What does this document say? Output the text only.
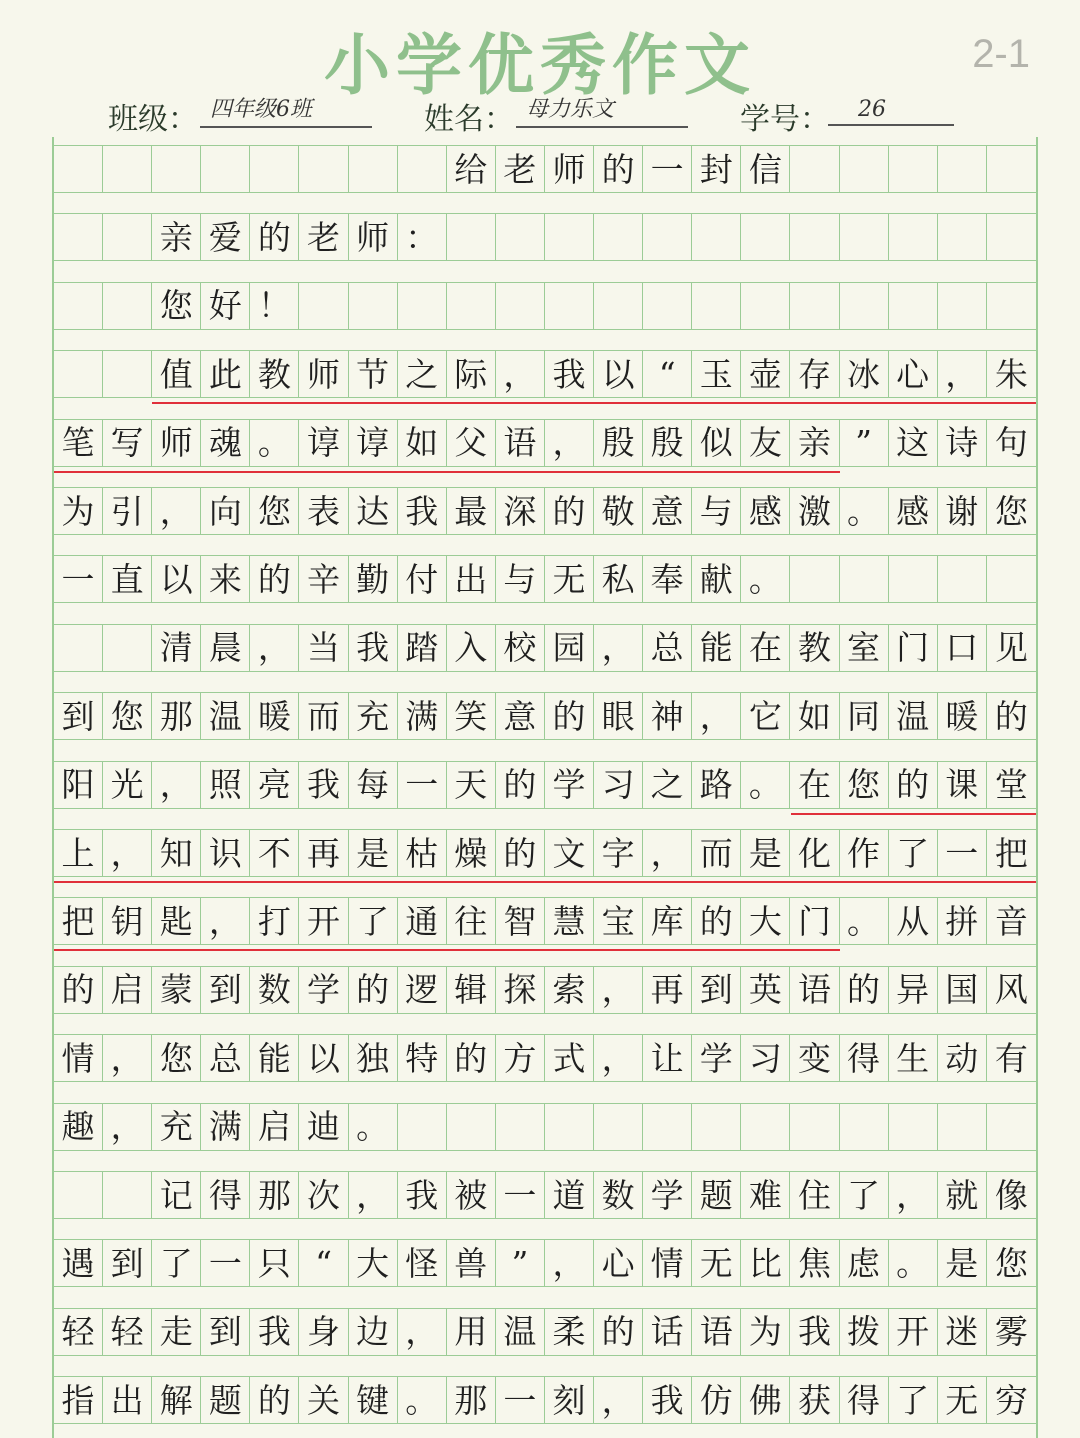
小学优秀作文	2-1
班级： 四年级6班	姓名： 母力乐文	学号：	26
给 老 师 的 一 封 信
亲 爱 的 老 师 ：
您 好 ！
值 此 教 师 节 之 际 ， 我 以 “ 玉 壶 存 冰 心 ， 朱
笔 写 师 魂 。 谆 谆 如 父 语 ， 殷 殷 似 友 亲 ” 这 诗 句
为 引 ， 向 您 表 达 我 最 深 的 敬 意 与 感 激 。 感 谢 您
一 直 以 来 的 辛 勤 付 出 与 无 私 奉 献 。
清 晨 ， 当 我 踏 入 校 园 ， 总 能 在 教 室 门 口 见
到 您 那 温 暖 而 充 满 笑 意 的 眼 神 ， 它 如 同 温 暖 的
阳 光 ， 照 亮 我 每 一 天 的 学 习 之 路 。 在 您 的 课 堂
上 ， 知 识 不 再 是 枯 燥 的 文 字 ， 而 是 化 作 了 一 把
把 钥 匙 ， 打 开 了 通 往 智 慧 宝 库 的 大 门 。 从 拼 音
的 启 蒙 到 数 学 的 逻 辑 探 索 ， 再 到 英 语 的 异 国 风
情 ， 您 总 能 以 独 特 的 方 式 ， 让 学 习 变 得 生 动 有
趣 ， 充 满 启 迪 。
记 得 那 次 ， 我 被 一 道 数 学 题 难 住 了 ， 就 像
遇 到 了 一 只 “ 大 怪 兽 ” ， 心 情 无 比 焦 虑 。 是 您
轻 轻 走 到 我 身 边 ， 用 温 柔 的 话 语 为 我 拨 开 迷 雾
指 出 解 题 的 关 键 。 那 一 刻 ， 我 仿 佛 获 得 了 无 穷
